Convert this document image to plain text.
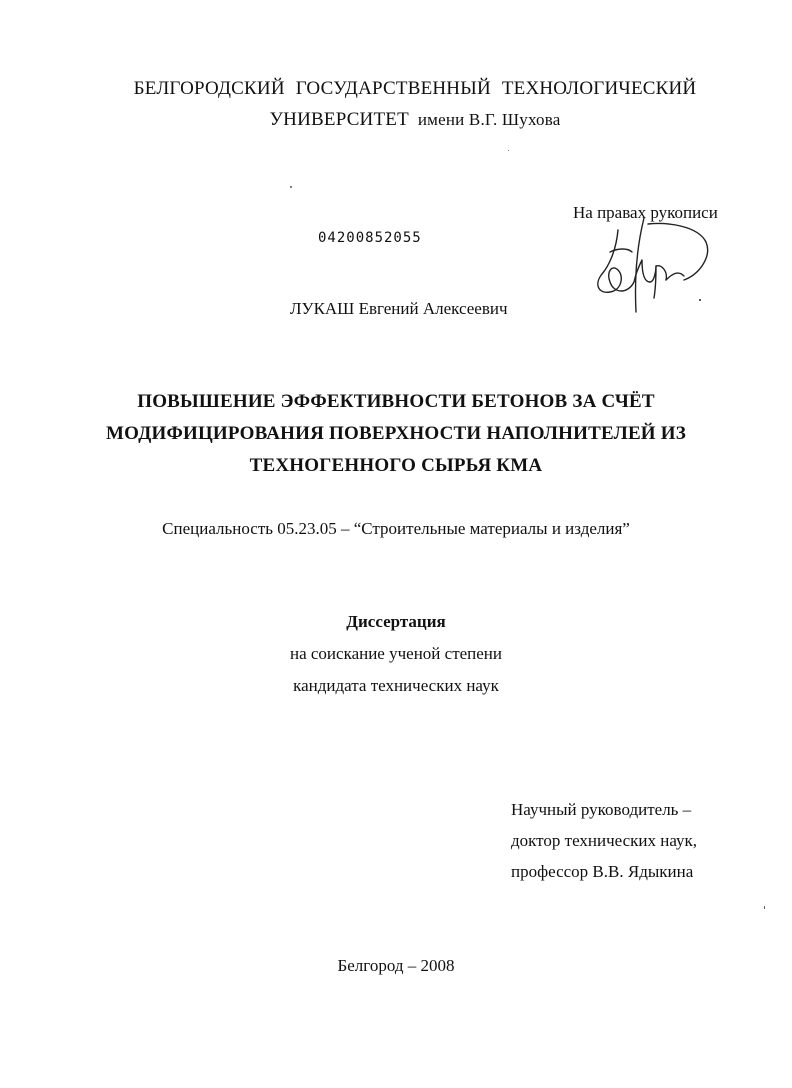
БЕЛГОРОДСКИЙ ГОСУДАРСТВЕННЫЙ ТЕХНОЛОГИЧЕСКИЙ
УНИВЕРСИТЕТ имени В.Г. Шухова
04200852055
На правах рукописи
ЛУКАШ Евгений Алексеевич
ПОВЫШЕНИЕ ЭФФЕКТИВНОСТИ БЕТОНОВ ЗА СЧЁТ
МОДИФИЦИРОВАНИЯ ПОВЕРХНОСТИ НАПОЛНИТЕЛЕЙ ИЗ
ТЕХНОГЕННОГО СЫРЬЯ КМА
Специальность 05.23.05 – “Строительные материалы и изделия”
Диссертация
на соискание ученой степени
кандидата технических наук
Научный руководитель –
доктор технических наук,
профессор В.В. Ядыкина
Белгород – 2008
